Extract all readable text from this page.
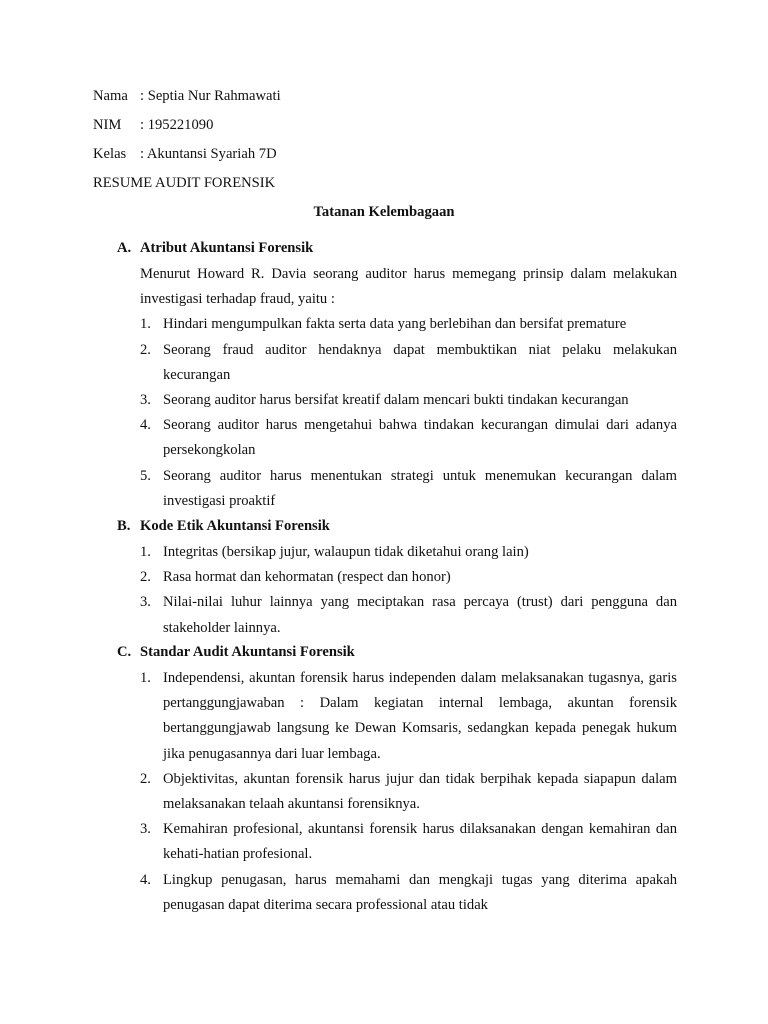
Nama : Septia Nur Rahmawati
NIM : 195221090
Kelas : Akuntansi Syariah 7D
RESUME AUDIT FORENSIK
Tatanan Kelembagaan
A. Atribut Akuntansi Forensik
Menurut Howard R. Davia seorang auditor harus memegang prinsip dalam melakukan investigasi terhadap fraud, yaitu :
1. Hindari mengumpulkan fakta serta data yang berlebihan dan bersifat premature
2. Seorang fraud auditor hendaknya dapat membuktikan niat pelaku melakukan kecurangan
3. Seorang auditor harus bersifat kreatif dalam mencari bukti tindakan kecurangan
4. Seorang auditor harus mengetahui bahwa tindakan kecurangan dimulai dari adanya persekongkolan
5. Seorang auditor harus menentukan strategi untuk menemukan kecurangan dalam investigasi proaktif
B. Kode Etik Akuntansi Forensik
1. Integritas (bersikap jujur, walaupun tidak diketahui orang lain)
2. Rasa hormat dan kehormatan (respect dan honor)
3. Nilai-nilai luhur lainnya yang meciptakan rasa percaya (trust) dari pengguna dan stakeholder lainnya.
C. Standar Audit Akuntansi Forensik
1. Independensi, akuntan forensik harus independen dalam melaksanakan tugasnya, garis pertanggungjawaban : Dalam kegiatan internal lembaga, akuntan forensik bertanggungjawab langsung ke Dewan Komsaris, sedangkan kepada penegak hukum jika penugasannya dari luar lembaga.
2. Objektivitas, akuntan forensik harus jujur dan tidak berpihak kepada siapapun dalam melaksanakan telaah akuntansi forensiknya.
3. Kemahiran profesional, akuntansi forensik harus dilaksanakan dengan kemahiran dan kehati-hatian profesional.
4. Lingkup penugasan, harus memahami dan mengkaji tugas yang diterima apakah penugasan dapat diterima secara professional atau tidak
